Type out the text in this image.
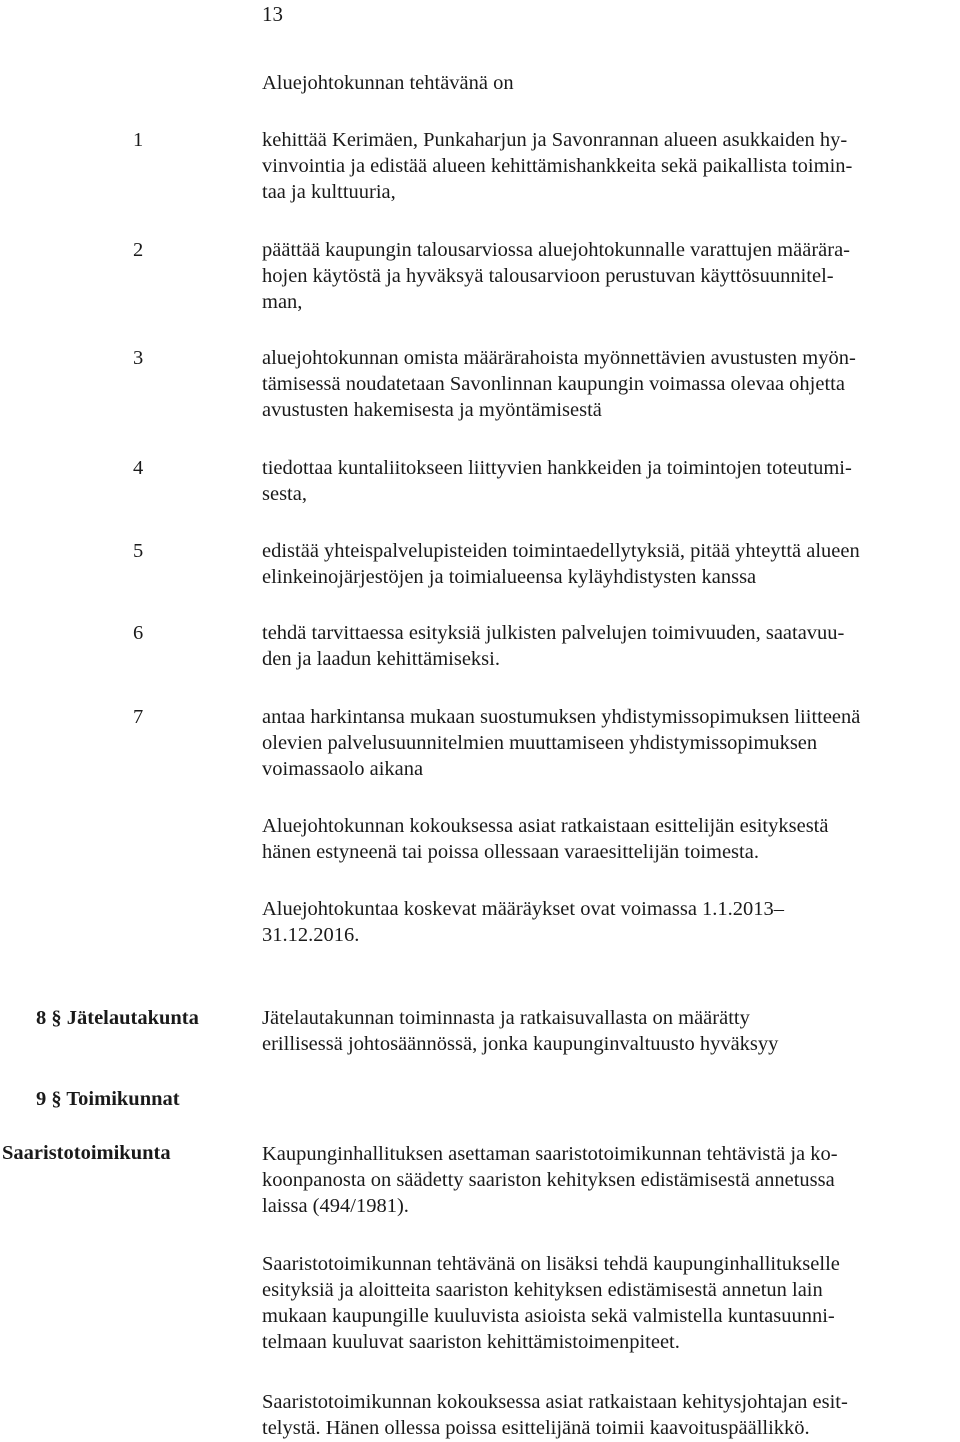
13
Aluejohtokunnan tehtävänä on
1	kehittää Kerimäen, Punkaharjun ja Savonrannan alueen asukkaiden hy-
vinvointia ja edistää alueen kehittämishankkeita sekä paikallista toimin-
taa ja kulttuuria,
2	päättää kaupungin talousarviossa aluejohtokunnalle varattujen määrära-
hojen käytöstä ja hyväksyä talousarvioon perustuvan käyttösuunnitel-
man,
3	aluejohtokunnan omista määrärahoista myönnettävien avustusten myön-
tämisessä noudatetaan Savonlinnan kaupungin voimassa olevaa ohjetta
avustusten hakemisesta ja myöntämisestä
4	tiedottaa kuntaliitokseen liittyvien hankkeiden ja toimintojen toteutumi-
sesta,
5	edistää yhteispalvelupisteiden toimintaedellytyksiä, pitää yhteyttä alueen
elinkeinojärjestöjen ja toimialueensa kyläyhdistysten kanssa
6	tehdä tarvittaessa esityksiä julkisten palvelujen toimivuuden, saatavuu-
den ja laadun kehittämiseksi.
7	antaa harkintansa mukaan suostumuksen yhdistymissopimuksen liitteenä
olevien palvelusuunnitelmien muuttamiseen yhdistymissopimuksen
voimassaolo aikana
Aluejohtokunnan kokouksessa asiat ratkaistaan esittelijän esityksestä
hänen estyneenä tai poissa ollessaan varaesittelijän toimesta.
Aluejohtokuntaa koskevat määräykset ovat voimassa 1.1.2013–
31.12.2016.
8 § Jätelautakunta	Jätelautakunnan toiminnasta ja ratkaisuvallasta on määrätty
erillisessä johtosäännössä, jonka kaupunginvaltuusto hyväksyy
9 § Toimikunnat
Saaristotoimikunta	Kaupunginhallituksen asettaman saaristotoimikunnan tehtävistä ja ko-
koonpanosta on säädetty saariston kehityksen edistämisestä annetussa
laissa (494/1981).
Saaristotoimikunnan tehtävänä on lisäksi tehdä kaupunginhallitukselle
esityksiä ja aloitteita saariston kehityksen edistämisestä annetun lain
mukaan kaupungille kuuluvista asioista sekä valmistella kuntasuunni-
telmaan kuuluvat saariston kehittämistoimenpiteet.
Saaristotoimikunnan kokouksessa asiat ratkaistaan kehitysjohtajan esit-
telystä. Hänen ollessa poissa esittelijänä toimii kaavoituspäällikkö.
